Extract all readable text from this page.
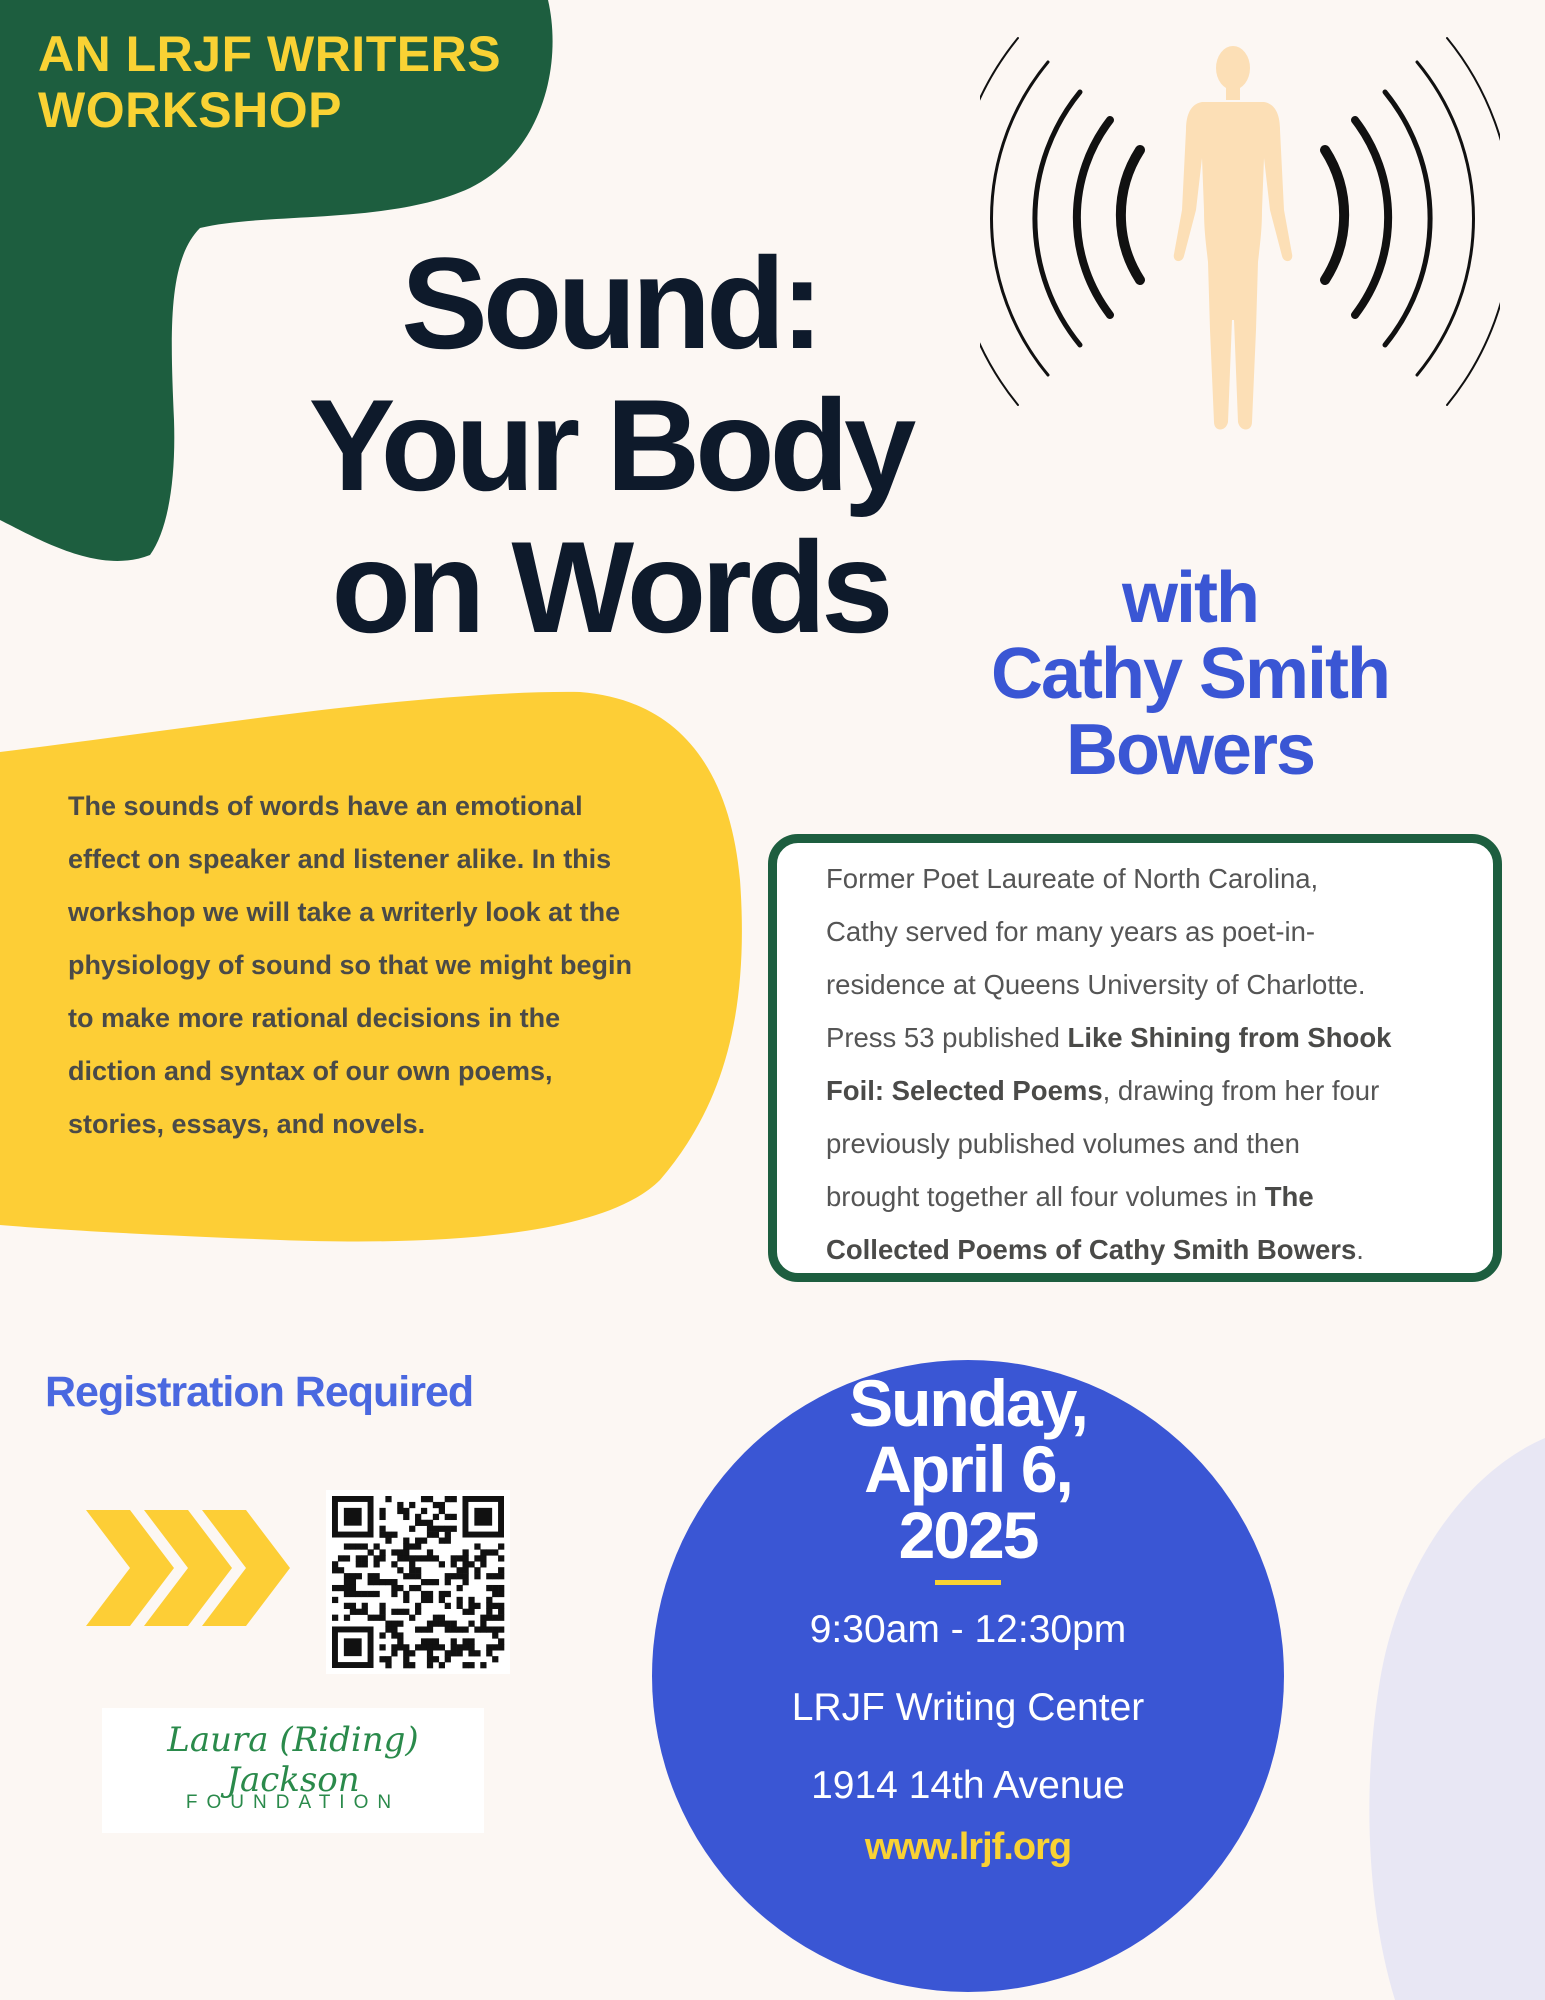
AN LRJF WRITERS
WORKSHOP
Sound:
Your Body
on Words	with
Cathy Smith
Bowers
The sounds of words have an emotional
effect on speaker and listener alike. In this
workshop we will take a writerly look at the
physiology of sound so that we might begin
to make more rational decisions in the
diction and syntax of our own poems,
stories, essays, and novels.
Former Poet Laureate of North Carolina,
Cathy served for many years as poet-in-
residence at Queens University of Charlotte.
Press 53 published Like Shining from Shook
Foil: Selected Poems, drawing from her four
previously published volumes and then
brought together all four volumes in The
Collected Poems of Cathy Smith Bowers.
Registration Required
Laura (Riding) Jackson
FOUNDATION
Sunday,
April 6,
2025
9:30am - 12:30pm
LRJF Writing Center
1914 14th Avenue
www.lrjf.org
